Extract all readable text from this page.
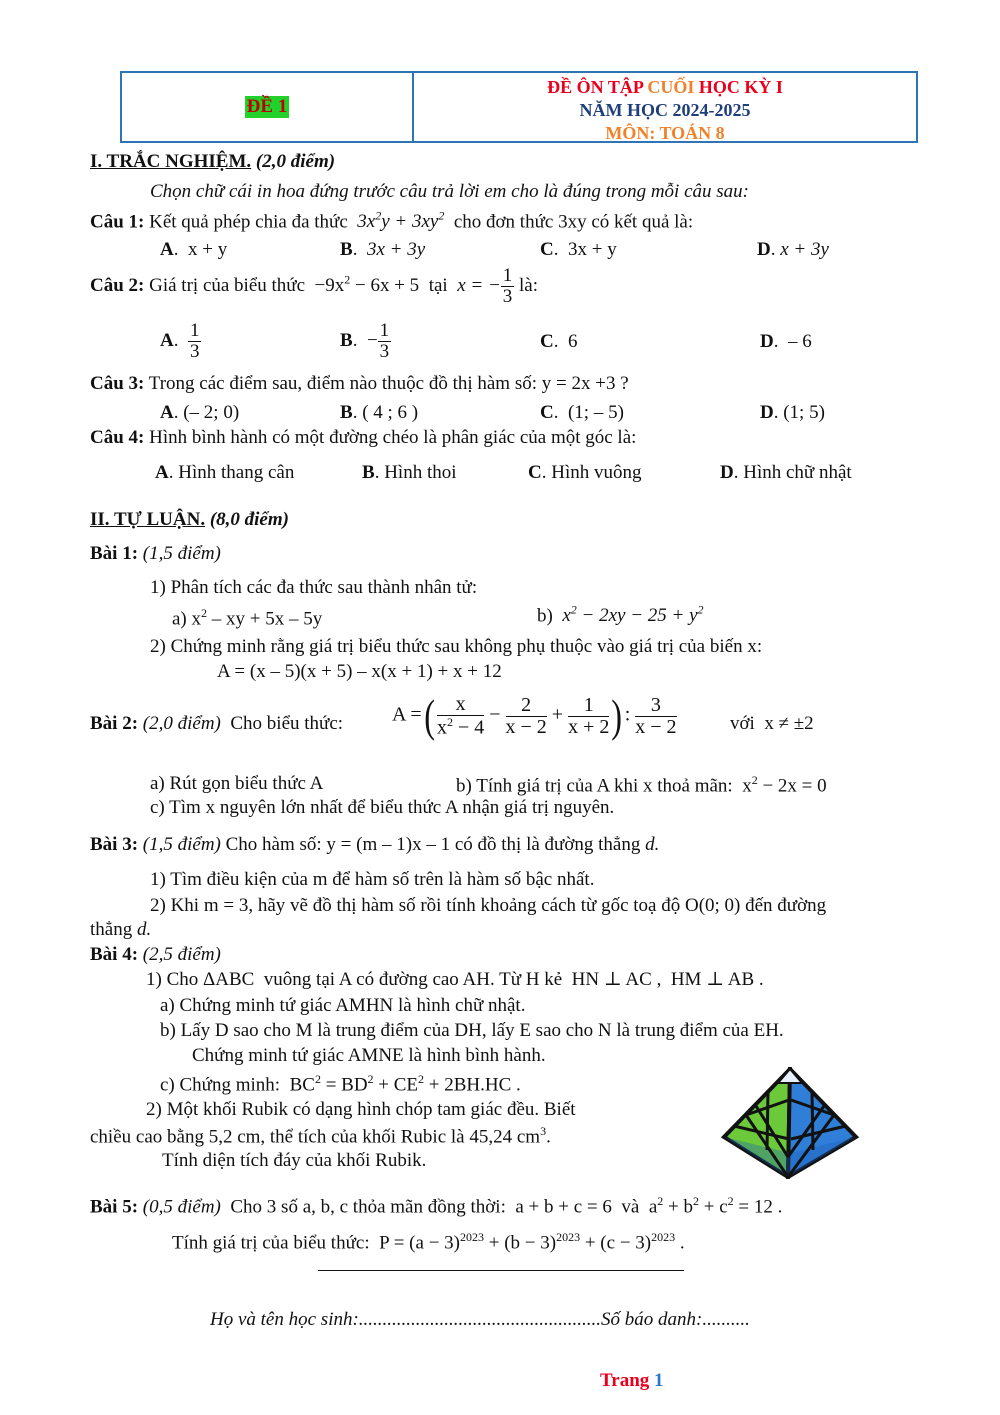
ĐỀ 1
ĐỀ ÔN TẬP CUỐI HỌC KỲ I
NĂM HỌC 2024-2025
MÔN: TOÁN 8
I. TRẮC NGHIỆM. (2,0 điểm)
Chọn chữ cái in hoa đứng trước câu trả lời em cho là đúng trong mỗi câu sau:
Câu 1: Kết quả phép chia đa thức  $3x^2y + 3xy^2$ cho đơn thức 3xy có kết quả là:
A.  x + y	B.  3x + 3y	C.  3x + y	D. x + 3y
Câu 2: Giá trị của biểu thức  $-9x^2 - 6x + 5$  tại  x = − $\frac{1}{3}$ là:
A. $\frac{1}{3}$	B.  − $\frac{1}{3}$	C.  6	D.  – 6
Câu 3: Trong các điểm sau, điểm nào thuộc đồ thị hàm số: y = 2x +3 ?
A. (– 2; 0)	B. ( 4 ; 6 )	C.  (1; – 5)	D. (1; 5)
Câu 4: Hình bình hành có một đường chéo là phân giác của một góc là:
A. Hình thang cân	B. Hình thoi	C. Hình vuông	D. Hình chữ nhật
II. TỰ LUẬN. (8,0 điểm)
Bài 1: (1,5 điểm)
1) Phân tích các đa thức sau thành nhân tử:
a) $x^2$ – xy + 5x – 5y	b) $x^2 - 2xy - 25 + y^2$
2) Chứng minh rằng giá trị biểu thức sau không phụ thuộc vào giá trị của biến x:
A = (x – 5)(x + 5) – x(x + 1) + x + 12
Bài 2: (2,0 điểm) Cho biểu thức: A =( $\frac{x}{x^2 - 4} - \frac{2}{x - 2} + \frac{1}{x + 2}$ ) : $\frac{3}{x - 2}$	với  x ≠ ±2
a) Rút gọn biểu thức A	b) Tính giá trị của A khi x thoả mãn:  $x^2 - 2x = 0$
c) Tìm x nguyên lớn nhất để biểu thức A nhận giá trị nguyên.
Bài 3: (1,5 điểm) Cho hàm số: y = (m – 1)x – 1 có đồ thị là đường thẳng d.
1) Tìm điều kiện của m để hàm số trên là hàm số bậc nhất.
2) Khi m = 3, hãy vẽ đồ thị hàm số rồi tính khoảng cách từ gốc toạ độ O(0; 0) đến đường
thẳng d.
Bài 4: (2,5 điểm)
1) Cho ΔABC  vuông tại A có đường cao AH. Từ H kẻ  HN ⊥ AC ,  HM ⊥ AB .
a) Chứng minh tứ giác AMHN là hình chữ nhật.
b) Lấy D sao cho M là trung điểm của DH, lấy E sao cho N là trung điểm của EH.
Chứng minh tứ giác AMNE là hình bình hành.
c) Chứng minh:  $BC^2 = BD^2 + CE^2 + 2BH.HC$ .
2) Một khối Rubik có dạng hình chóp tam giác đều. Biết
chiều cao bằng 5,2 cm, thể tích của khối Rubic là 45,24 $cm^3$.
Tính diện tích đáy của khối Rubik.
Bài 5: (0,5 điểm) Cho 3 số a, b, c thỏa mãn đồng thời:  a + b + c = 6  và  $a^2 + b^2 + c^2 = 12$ .
Tính giá trị của biểu thức:  $P = (a - 3)^{2023} + (b - 3)^{2023} + (c - 3)^{2023}$ .
Họ và tên học sinh:...................................................Số báo danh:..........
Trang 1
